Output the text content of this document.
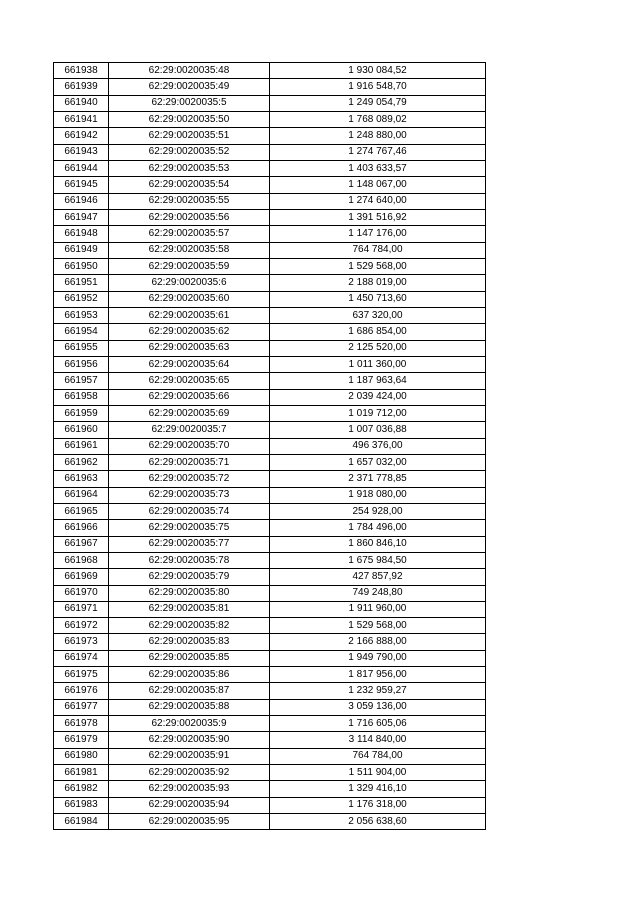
661938	62:29:0020035:48	1 930 084,52
661939	62:29:0020035:49	1 916 548,70
661940	62:29:0020035:5	1 249 054,79
661941	62:29:0020035:50	1 768 089,02
661942	62:29:0020035:51	1 248 880,00
661943	62:29:0020035:52	1 274 767,46
661944	62:29:0020035:53	1 403 633,57
661945	62:29:0020035:54	1 148 067,00
661946	62:29:0020035:55	1 274 640,00
661947	62:29:0020035:56	1 391 516,92
661948	62:29:0020035:57	1 147 176,00
661949	62:29:0020035:58	764 784,00
661950	62:29:0020035:59	1 529 568,00
661951	62:29:0020035:6	2 188 019,00
661952	62:29:0020035:60	1 450 713,60
661953	62:29:0020035:61	637 320,00
661954	62:29:0020035:62	1 686 854,00
661955	62:29:0020035:63	2 125 520,00
661956	62:29:0020035:64	1 011 360,00
661957	62:29:0020035:65	1 187 963,64
661958	62:29:0020035:66	2 039 424,00
661959	62:29:0020035:69	1 019 712,00
661960	62:29:0020035:7	1 007 036,88
661961	62:29:0020035:70	496 376,00
661962	62:29:0020035:71	1 657 032,00
661963	62:29:0020035:72	2 371 778,85
661964	62:29:0020035:73	1 918 080,00
661965	62:29:0020035:74	254 928,00
661966	62:29:0020035:75	1 784 496,00
661967	62:29:0020035:77	1 860 846,10
661968	62:29:0020035:78	1 675 984,50
661969	62:29:0020035:79	427 857,92
661970	62:29:0020035:80	749 248,80
661971	62:29:0020035:81	1 911 960,00
661972	62:29:0020035:82	1 529 568,00
661973	62:29:0020035:83	2 166 888,00
661974	62:29:0020035:85	1 949 790,00
661975	62:29:0020035:86	1 817 956,00
661976	62:29:0020035:87	1 232 959,27
661977	62:29:0020035:88	3 059 136,00
661978	62:29:0020035:9	1 716 605,06
661979	62:29:0020035:90	3 114 840,00
661980	62:29:0020035:91	764 784,00
661981	62:29:0020035:92	1 511 904,00
661982	62:29:0020035:93	1 329 416,10
661983	62:29:0020035:94	1 176 318,00
661984	62:29:0020035:95	2 056 638,60
